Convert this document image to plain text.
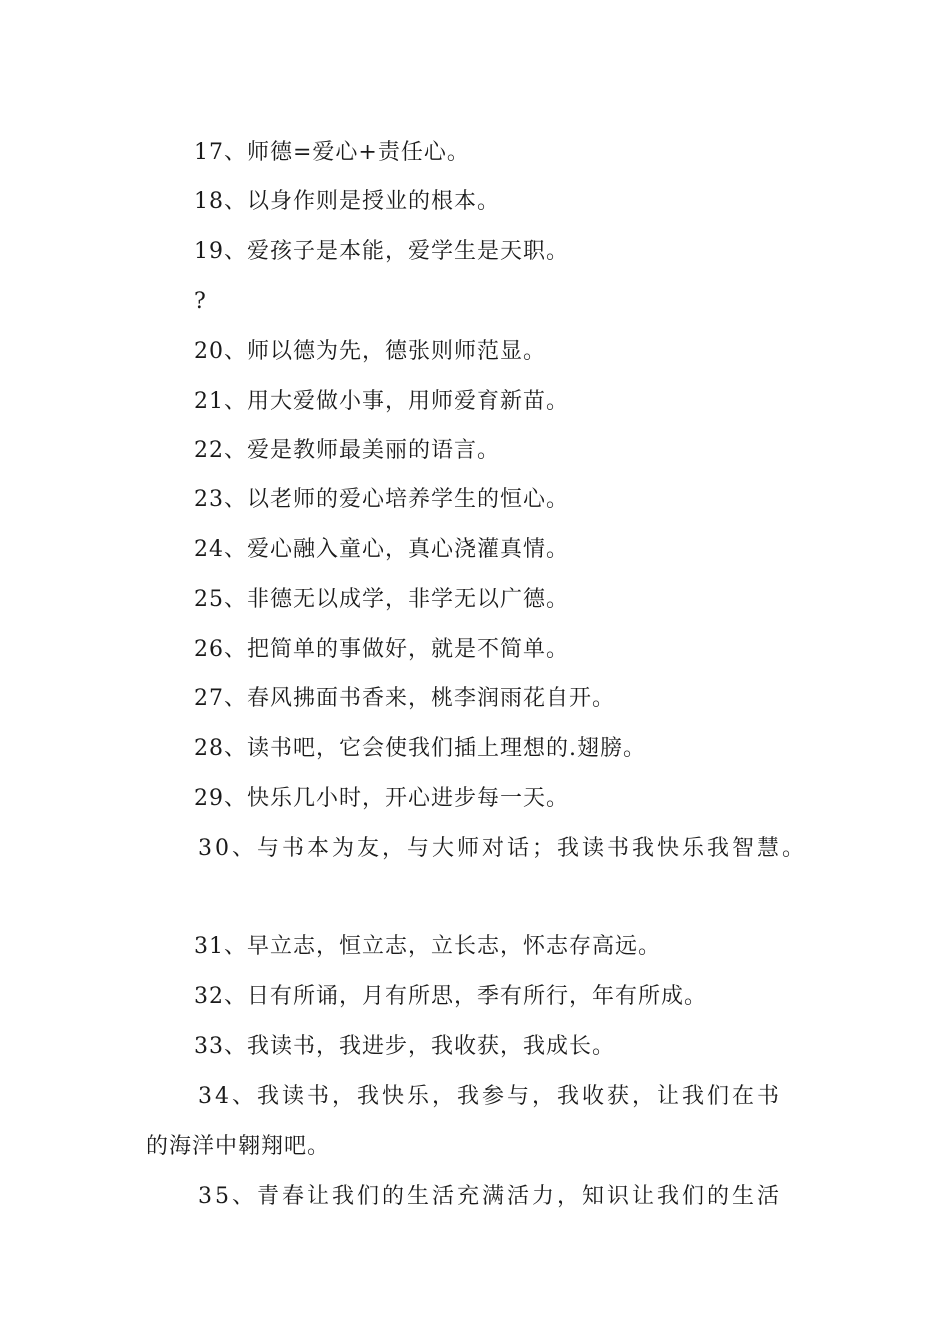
17、师德=爱心+责任心。
18、以身作则是授业的根本。
19、爱孩子是本能，爱学生是天职。
?
20、师以德为先，德张则师范显。
21、用大爱做小事，用师爱育新苗。
22、爱是教师最美丽的语言。
23、以老师的爱心培养学生的恒心。
24、爱心融入童心，真心浇灌真情。
25、非德无以成学，非学无以广德。
26、把简单的事做好，就是不简单。
27、春风拂面书香来，桃李润雨花自开。
28、读书吧，它会使我们插上理想的.翅膀。
29、快乐几小时，开心进步每一天。
30、与书本为友，与大师对话；我读书我快乐我智慧。
31、早立志，恒立志，立长志，怀志存高远。
32、日有所诵，月有所思，季有所行，年有所成。
33、我读书，我进步，我收获，我成长。
34、我读书，我快乐，我参与，我收获，让我们在书
的海洋中翱翔吧。
35、青春让我们的生活充满活力，知识让我们的生活
